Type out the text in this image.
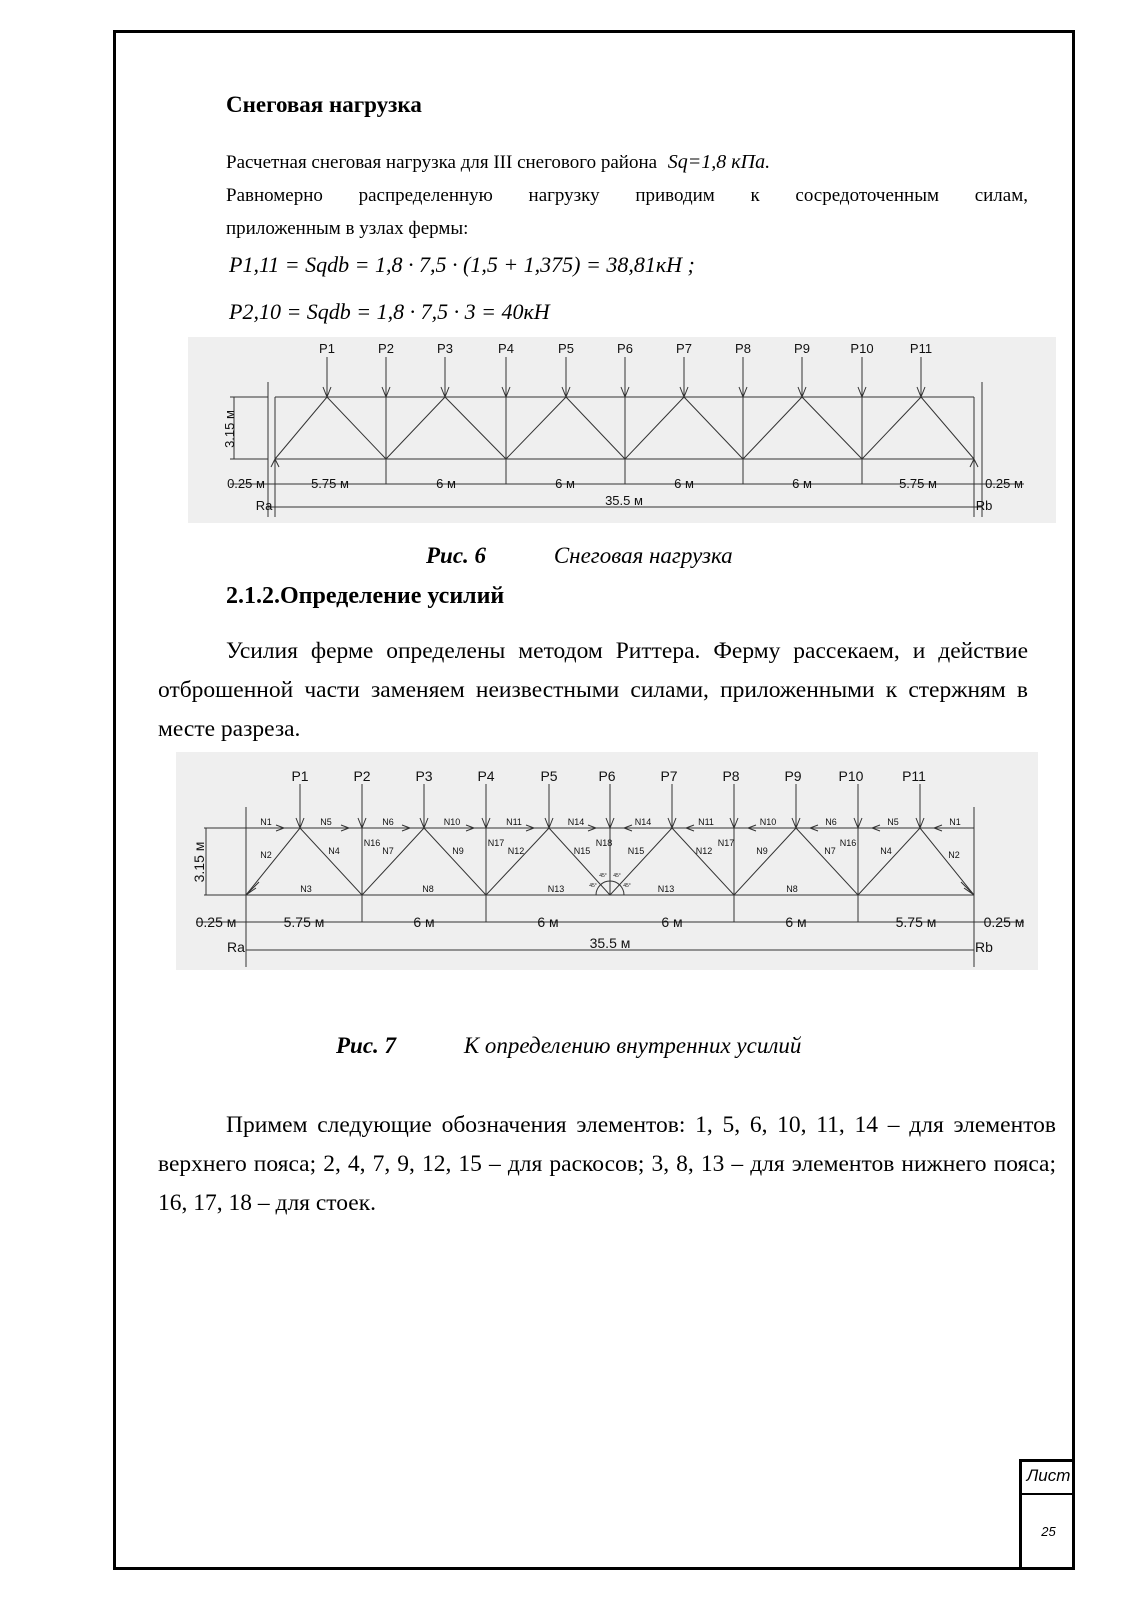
Снеговая нагрузка
Расчетная снеговая нагрузка для III снегового района Sq=1,8 кПа.
Равномерно распределенную нагрузку приводим к сосредоточенным силам,
приложенным в узлах фермы:
P1,11 = Sqdb = 1,8 · 7,5 · (1,5 + 1,375) = 38,81кН ;
P2,10 = Sqdb = 1,8 · 7,5 · 3 = 40кН
P1	P2	P3	P4	P5	P6	P7	P8	P9	P10	P11
5.75 м	6 м	6 м	6 м	6 м	5.75 м
0.25 м	0.25 м
35.5 м
Ra	Rb
3.15 м
Рис. 6	Снеговая нагрузка
2.1.2.Определение усилий
Усилия ферме определены методом Риттера. Ферму рассекаем, и действие отброшенной части заменяем неизвестными силами, приложенными к стержням в месте разреза.
P1	P2	P3	P4	P5	P6	P7	P8	P9	P10	P11
N1	N5	N6	N10	N11	N14	N14	N11	N10	N6	N5	N1
N2	N4	N7	N9	N12	N15	N15	N12	N9	N7	N4	N2
N16	N17	N18	N17	N16
N3	N8	N13	N13	N8
45° 45°
45°	45°
5.75 м	6 м	6 м	6 м	6 м	5.75 м
0.25 м	0.25 м
35.5 м
Ra	Rb
3.15 м
Рис. 7	К определению внутренних усилий
Примем следующие обозначения элементов: 1, 5, 6, 10, 11, 14 – для элементов верхнего пояса; 2, 4, 7, 9, 12, 15 – для раскосов; 3, 8, 13 – для элементов нижнего пояса; 16, 17, 18 – для стоек.
Лист
25
